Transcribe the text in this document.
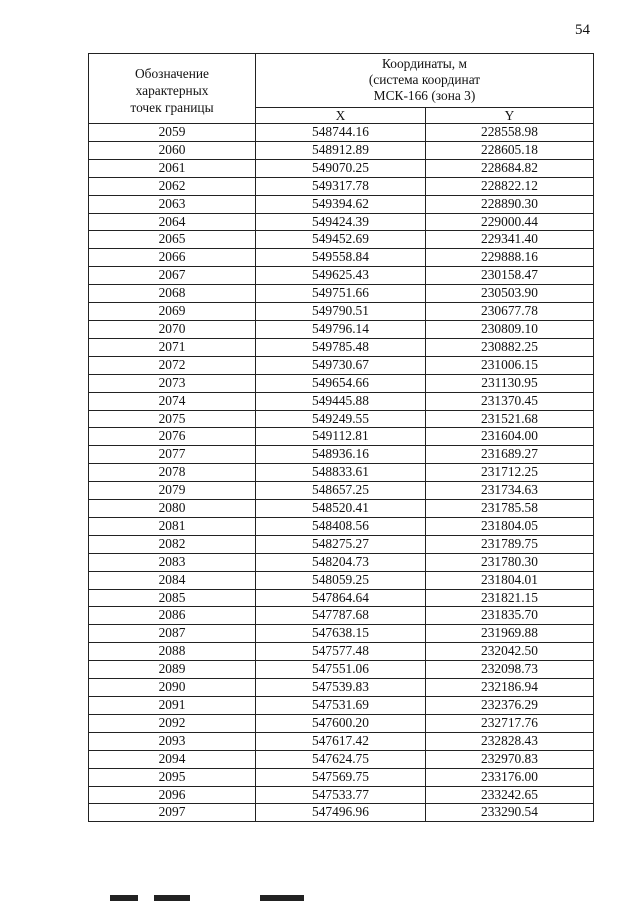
54
Обозначение
характерных
точек границы	Координаты, м
(система координат
МСК-166 (зона 3)	

	X	Y
2059	548744.16	228558.98
2060	548912.89	228605.18
2061	549070.25	228684.82
2062	549317.78	228822.12
2063	549394.62	228890.30
2064	549424.39	229000.44
2065	549452.69	229341.40
2066	549558.84	229888.16
2067	549625.43	230158.47
2068	549751.66	230503.90
2069	549790.51	230677.78
2070	549796.14	230809.10
2071	549785.48	230882.25
2072	549730.67	231006.15
2073	549654.66	231130.95
2074	549445.88	231370.45
2075	549249.55	231521.68
2076	549112.81	231604.00
2077	548936.16	231689.27
2078	548833.61	231712.25
2079	548657.25	231734.63
2080	548520.41	231785.58
2081	548408.56	231804.05
2082	548275.27	231789.75
2083	548204.73	231780.30
2084	548059.25	231804.01
2085	547864.64	231821.15
2086	547787.68	231835.70
2087	547638.15	231969.88
2088	547577.48	232042.50
2089	547551.06	232098.73
2090	547539.83	232186.94
2091	547531.69	232376.29
2092	547600.20	232717.76
2093	547617.42	232828.43
2094	547624.75	232970.83
2095	547569.75	233176.00
2096	547533.77	233242.65
2097	547496.96	233290.54
